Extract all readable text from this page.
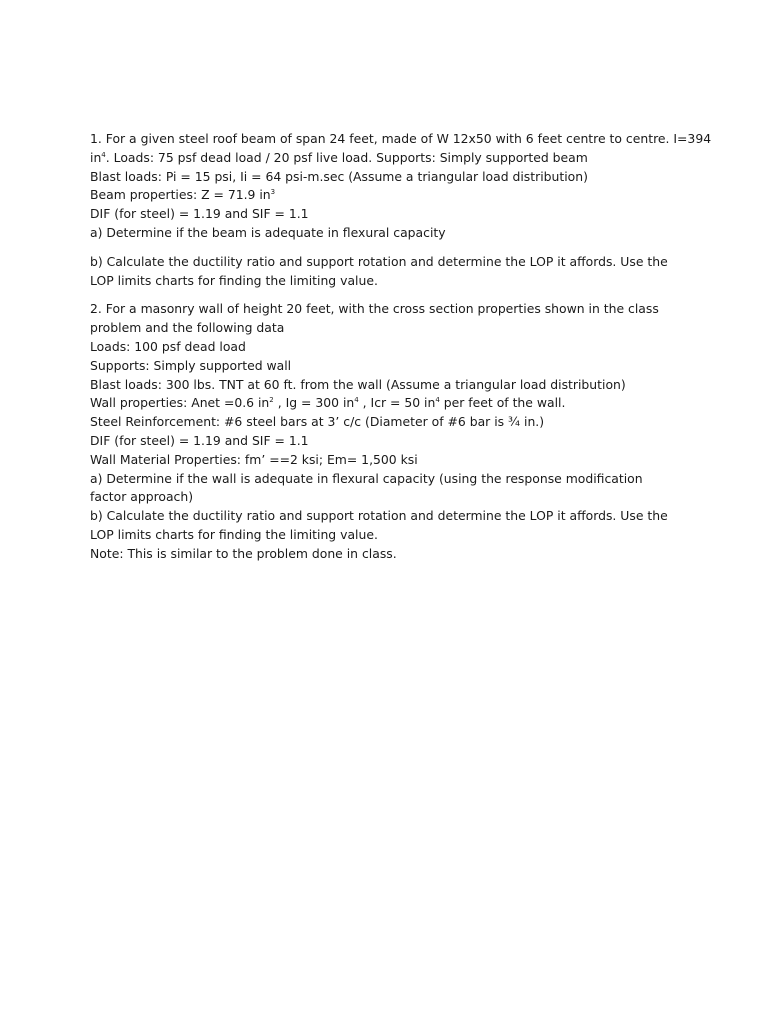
1. For a given steel roof beam of span 24 feet, made of W 12x50 with 6 feet centre to centre. I=394
$in^4$. Loads: 75 psf dead load / 20 psf live load. Supports: Simply supported beam
Blast loads: Pi = 15 psi, Ii = 64 psi-m.sec (Assume a triangular load distribution)
Beam properties: Z = 71.9 $in^3$
DIF (for steel) = 1.19 and SIF = 1.1
a) Determine if the beam is adequate in flexural capacity
b) Calculate the ductility ratio and support rotation and determine the LOP it affords. Use the LOP limits charts for finding the limiting value.
2. For a masonry wall of height 20 feet, with the cross section properties shown in the class problem and the following data
Loads: 100 psf dead load
Supports: Simply supported wall
Blast loads: 300 lbs. TNT at 60 ft. from the wall (Assume a triangular load distribution)
Wall properties: Anet =0.6 $in^2$ , Ig = 300 $in^4$ , Icr = 50 $in^4$ per feet of the wall.
Steel Reinforcement: #6 steel bars at 3’ c/c (Diameter of #6 bar is ¾ in.)
DIF (for steel) = 1.19 and SIF = 1.1
Wall Material Properties: fm’ ==2 ksi; Em= 1,500 ksi
a) Determine if the wall is adequate in flexural capacity (using the response modification factor approach)
b) Calculate the ductility ratio and support rotation and determine the LOP it affords. Use the LOP limits charts for finding the limiting value.
Note: This is similar to the problem done in class.
